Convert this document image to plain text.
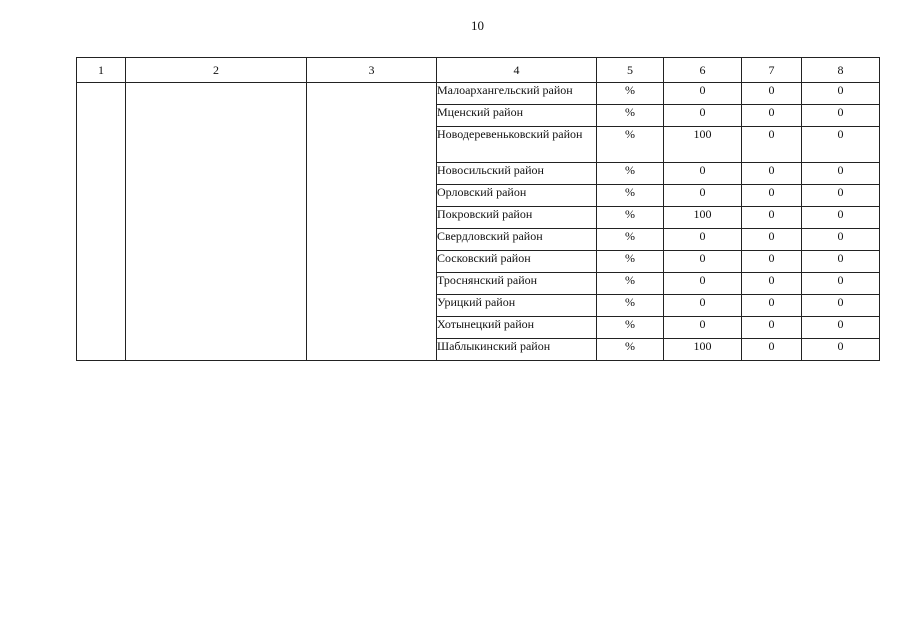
10
1	2	3	4	5	6	7	8
			Малоархангельский район	%	0	0	0
			Мценский район	%	0	0	0
			Новодеревеньковский район	%	100	0	0
			Новосильский район	%	0	0	0
			Орловский район	%	0	0	0
			Покровский район	%	100	0	0
			Свердловский район	%	0	0	0
			Сосковский район	%	0	0	0
			Троснянский район	%	0	0	0
			Урицкий район	%	0	0	0
			Хотынецкий район	%	0	0	0
			Шаблыкинский район	%	100	0	0
